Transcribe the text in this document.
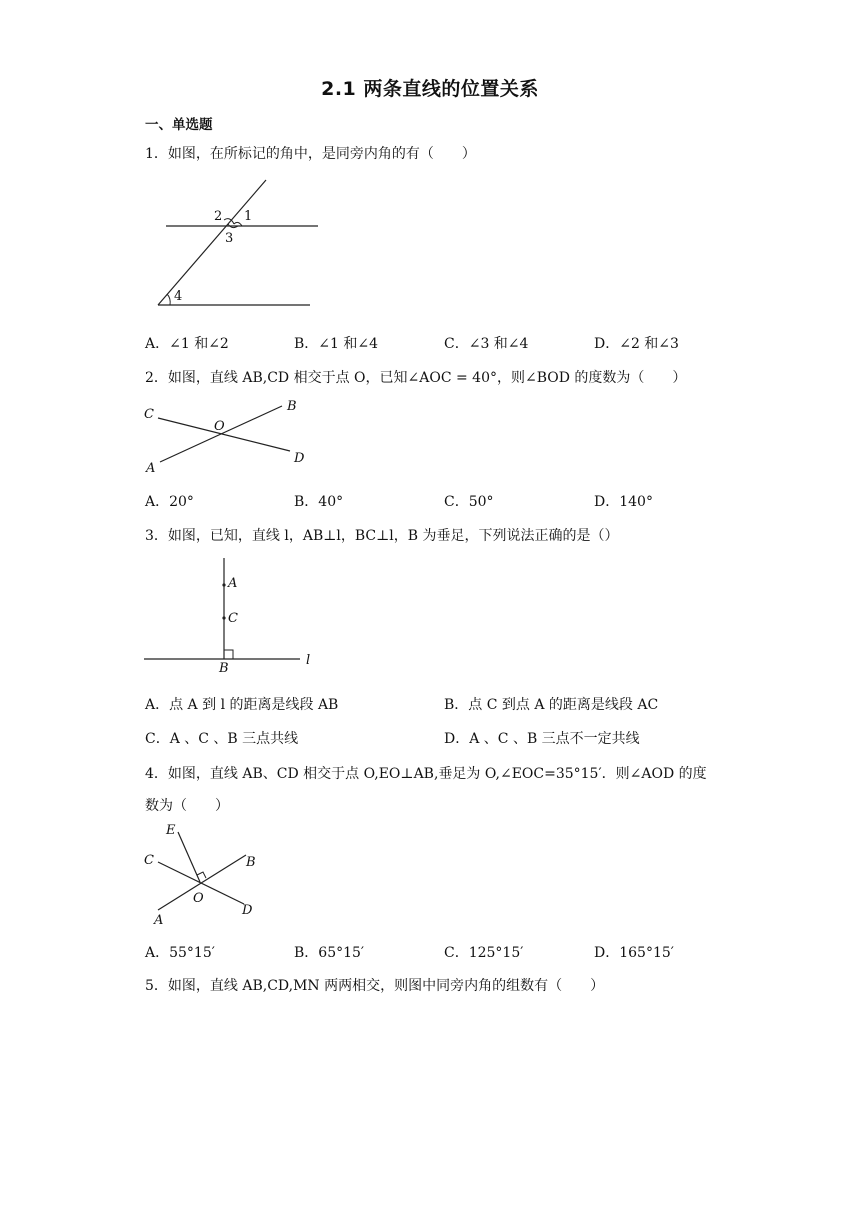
2.1 两条直线的位置关系
一、单选题
1．如图，在所标记的角中，是同旁内角的有（　　）
2 1
3
4
A．∠1 和∠2	B．∠1 和∠4	C．∠3 和∠4	D．∠2 和∠3
2．如图，直线 AB,CD 相交于点 O，已知∠AOC = 40°，则∠BOD 的度数为（　　）
C
B
O
D
A
A．20°	B．40°	C．50°	D．140°
3．如图，已知，直线 l，AB⊥l，BC⊥l，B 为垂足，下列说法正确的是（）
A
C
B
l
A．点 A 到 l 的距离是线段 AB	B．点 C 到点 A 的距离是线段 AC
C．A 、C 、B 三点共线	D．A 、C 、B 三点不一定共线
4．如图，直线 AB、CD 相交于点 O,EO⊥AB,垂足为 O,∠EOC=35°15′．则∠AOD 的度
数为（　　）
E
C	B
O
D
A
A．55°15′	B．65°15′	C．125°15′	D．165°15′
5．如图，直线 AB,CD,MN 两两相交，则图中同旁内角的组数有（　　）
